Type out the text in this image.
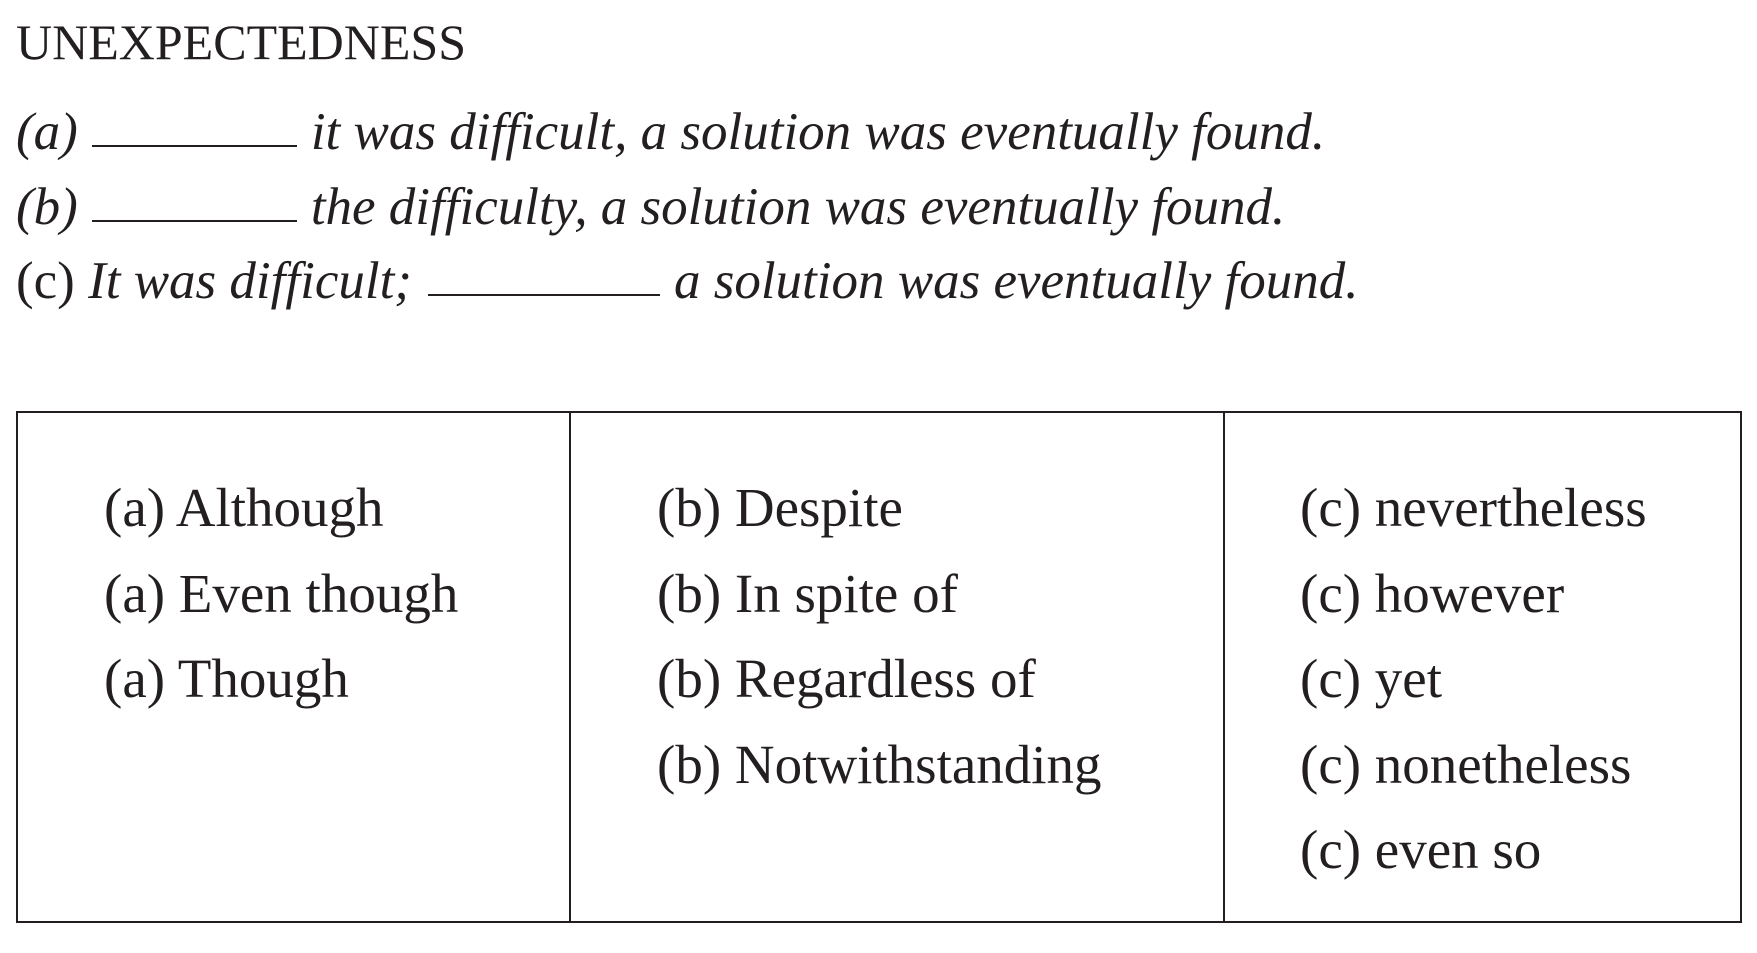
UNEXPECTEDNESS
(a)	it was difficult, a solution was eventually found.
(b)	the difficulty, a solution was eventually found.
(c) It was difficult;	a solution was eventually found.
(a) Although
(a) Even though
(a) Though
(b) Despite
(b) In spite of
(b) Regardless of
(b) Notwithstanding
(c) nevertheless
(c) however
(c) yet
(c) nonetheless
(c) even so
